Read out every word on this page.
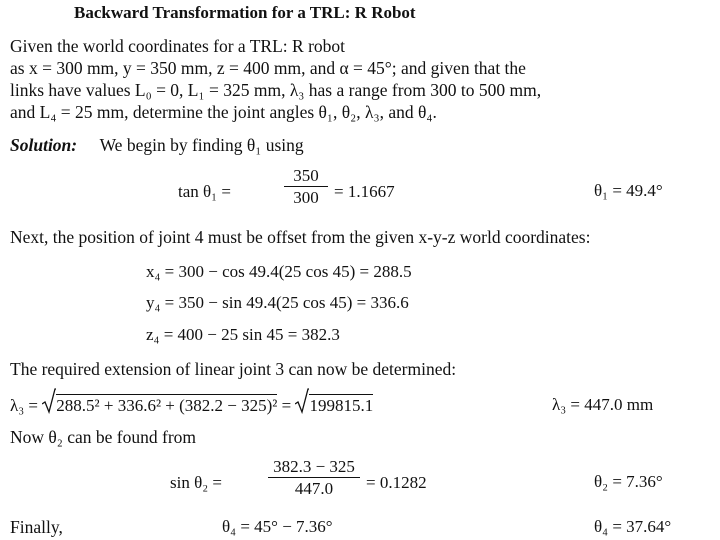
Backward Transformation for a TRL: R Robot
Given the world coordinates for a TRL: R robot
as x = 300 mm, y = 350 mm, z = 400 mm, and α = 45°; and given that the
links have values L₀ = 0, L₁ = 325 mm, λ₃ has a range from 300 to 500 mm,
and L₄ = 25 mm, determine the joint angles θ₁, θ₂, λ₃, and θ₄.
Solution: We begin by finding θ₁ using
tan θ₁ =
350
300 = 1.1667	θ₁ = 49.4°
Next, the position of joint 4 must be offset from the given x-y-z world coordinates:
x₄ = 300 − cos 49.4(25 cos 45) = 288.5
y₄ = 350 − sin 49.4(25 cos 45) = 336.6
z₄ = 400 − 25 sin 45 = 382.3
The required extension of linear joint 3 can now be determined:
λ₃ = 288.5² + 336.6² + (382.2 − 325)² = 199815.1	λ₃ = 447.0 mm
Now θ₂ can be found from
sin θ₂ =
382.3 − 325
447.0	= 0.1282	θ₂ = 7.36°
Finally,	θ₄ = 45° − 7.36°	θ₄ = 37.64°
